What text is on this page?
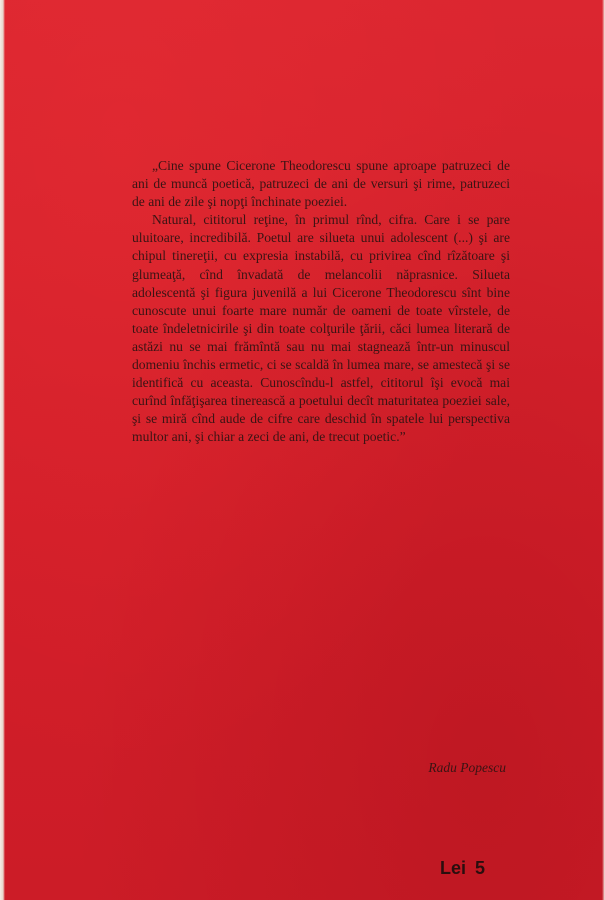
„Cine spune Cicerone Theodorescu spune aproape patruzeci de ani de muncă poetică, patruzeci de ani de versuri şi rime, patruzeci de ani de zile şi nopţi închinate poeziei.

Natural, cititorul reţine, în primul rînd, cifra. Care i se pare uluitoare, incredibilă. Poetul are silueta unui adolescent (...) şi are chipul tinereţii, cu expresia instabilă, cu privirea cînd rîzătoare şi glumeaţă, cînd învadată de melancolii năprasnice. Silueta adolescentă şi figura juvenilă a lui Cicerone Theodorescu sînt bine cunoscute unui foarte mare număr de oameni de toate vîrstele, de toate îndeletnicirile şi din toate colţurile ţării, căci lumea literară de astăzi nu se mai frămîntă sau nu mai stagnează într-un minuscul domeniu închis ermetic, ci se scaldă în lumea mare, se amestecă şi se identifică cu aceasta. Cunoscîndu-l astfel, cititorul îşi evocă mai curînd înfăţişarea tinerească a poetului decît maturitatea poeziei sale, şi se miră cînd aude de cifre care deschid în spatele lui perspectiva multor ani, şi chiar a zeci de ani, de trecut poetic.”

Radu Popescu
Lei 5
